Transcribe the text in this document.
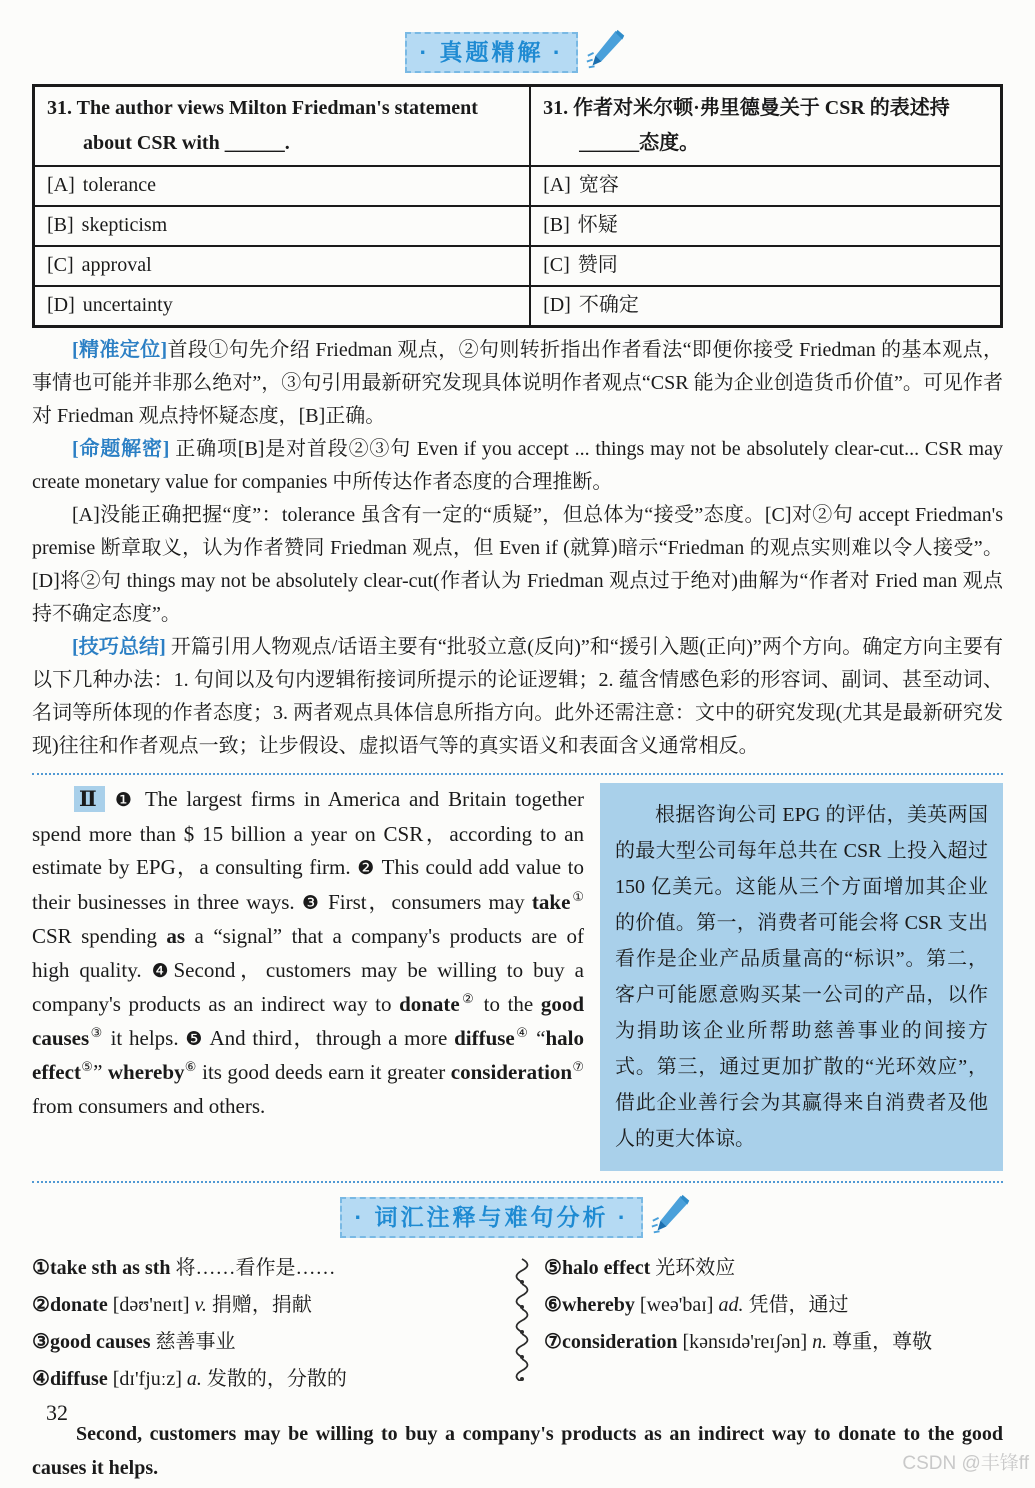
· 真题精解 ·
31. The author views Milton Friedman's statement about CSR with ______.	31. 作者对米尔顿·弗里德曼关于 CSR 的表述持______态度。

[A] tolerance	[A] 宽容
[B] skepticism	[B] 怀疑
[C] approval	[C] 赞同
[D] uncertainty	[D] 不确定

[精准定位]首段①句先介绍 Friedman 观点，②句则转折指出作者看法“即便你接受 Friedman 的基本观点，事情也可能并非那么绝对”，③句引用最新研究发现具体说明作者观点“CSR 能为企业创造货币价值”。可见作者对 Friedman 观点持怀疑态度，[B]正确。

[命题解密] 正确项[B]是对首段②③句 Even if you accept ... things may not be absolutely clear-cut... CSR may create monetary value for companies 中所传达作者态度的合理推断。

[A]没能正确把握“度”：tolerance 虽含有一定的“质疑”，但总体为“接受”态度。[C]对②句 accept Friedman's premise 断章取义，认为作者赞同 Friedman 观点，但 Even if (就算)暗示“Friedman 的观点实则难以令人接受”。[D]将②句 things may not be absolutely clear-cut(作者认为 Friedman 观点过于绝对)曲解为“作者对 Fried man 观点持不确定态度”。

[技巧总结] 开篇引用人物观点/话语主要有“批驳立意(反向)”和“援引入题(正向)”两个方向。确定方向主要有以下几种办法：1. 句间以及句内逻辑衔接词所提示的论证逻辑；2. 蕴含情感色彩的形容词、副词、甚至动词、名词等所体现的作者态度；3. 两者观点具体信息所指方向。此外还需注意：文中的研究发现(尤其是最新研究发现)往往和作者观点一致；让步假设、虚拟语气等的真实语义和表面含义通常相反。

Ⅱ ❶ The largest firms in America and Britain together spend more than $ 15 billion a year on CSR，according to an estimate by EPG，a consulting firm. ❷ This could add value to their businesses in three ways. ❸ First，consumers may take① CSR spending as a “signal” that a company's products are of high quality. ❹Second，customers may be willing to buy a company's products as an indirect way to donate② to the good causes③ it helps. ❺ And third，through a more diffuse④ “halo effect⑤” whereby⑥ its good deeds earn it greater consideration⑦ from consumers and others.
根据咨询公司 EPG 的评估，美英两国的最大型公司每年总共在 CSR 上投入超过 150 亿美元。这能从三个方面增加其企业的价值。第一，消费者可能会将 CSR 支出看作是企业产品质量高的“标识”。第二，客户可能愿意购买某一公司的产品，以作为捐助该企业所帮助慈善事业的间接方式。第三，通过更加扩散的“光环效应”，借此企业善行会为其赢得来自消费者及他人的更大体谅。
· 词汇注释与难句分析 ·
①take sth as sth 将……看作是……
②donate [dəʊ'neɪt] v. 捐赠，捐献
③good causes 慈善事业
④diffuse [dɪ'fjuːz] a. 发散的，分散的
⑤halo effect 光环效应
⑥whereby [weə'baɪ] ad. 凭借，通过
⑦consideration [kənsɪdə'reɪʃən] n. 尊重，尊敬

Second, customers may be willing to buy a company's products as an indirect way to donate to the good causes it helps.

32
CSDN @丰锋ff
